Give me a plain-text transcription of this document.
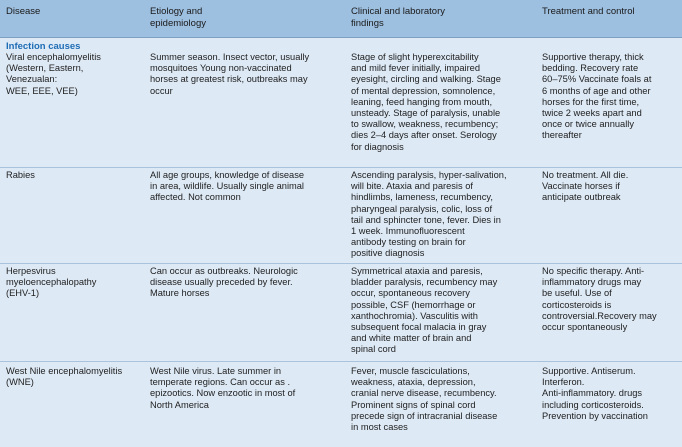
Disease	Etiology and
epidemiology
Clinical and laboratory
findings
Treatment and control
Infection causes
Viral encephalomyelitis
(Western, Eastern,
Venezualan:
WEE, EEE, VEE)
Summer season. Insect vector, usually
mosquitoes Young non-vaccinated
horses at greatest risk, outbreaks may
occur
Stage of slight hyperexcitability
and mild fever initially, impaired
eyesight, circling and walking. Stage
of mental depression, somnolence,
leaning, feed hanging from mouth,
unsteady. Stage of paralysis, unable
to swallow, weakness, recumbency;
dies 2–4 days after onset. Serology
for diagnosis
Supportive therapy, thick
bedding. Recovery rate
60–75% Vaccinate foals at
6 months of age and other
horses for the first time,
twice 2 weeks apart and
once or twice annually
thereafter
Rabies	All age groups, knowledge of disease
in area, wildlife. Usually single animal
affected. Not common
Ascending paralysis, hyper-salivation,
will bite. Ataxia and paresis of
hindlimbs, lameness, recumbency,
pharyngeal paralysis, colic, loss of
tail and sphincter tone, fever. Dies in
1 week. Immunofluorescent
antibody testing on brain for
positive diagnosis
No treatment. All die.
Vaccinate horses if
anticipate outbreak
Herpesvirus
myeloencephalopathy
(EHV-1)
Can occur as outbreaks. Neurologic
disease usually preceded by fever.
Mature horses
Symmetrical ataxia and paresis,
bladder paralysis, recumbency may
occur, spontaneous recovery
possible, CSF (hemorrhage or
xanthochromia). Vasculitis with
subsequent focal malacia in gray
and white matter of brain and
spinal cord
No specific therapy. Anti-
inflammatory drugs may
be useful. Use of
corticosteroids is
controversial.Recovery may
occur spontaneously
West Nile encephalomyelitis
(WNE)
West Nile virus. Late summer in
temperate regions. Can occur as .
epizootics. Now enzootic in most of
North America
Fever, muscle fasciculations,
weakness, ataxia, depression,
cranial nerve disease, recumbency.
Prominent signs of spinal cord
precede sign of intracranial disease
in most cases
Supportive. Antiserum.
Interferon.
Anti-inflammatory. drugs
including corticosteroids.
Prevention by vaccination
